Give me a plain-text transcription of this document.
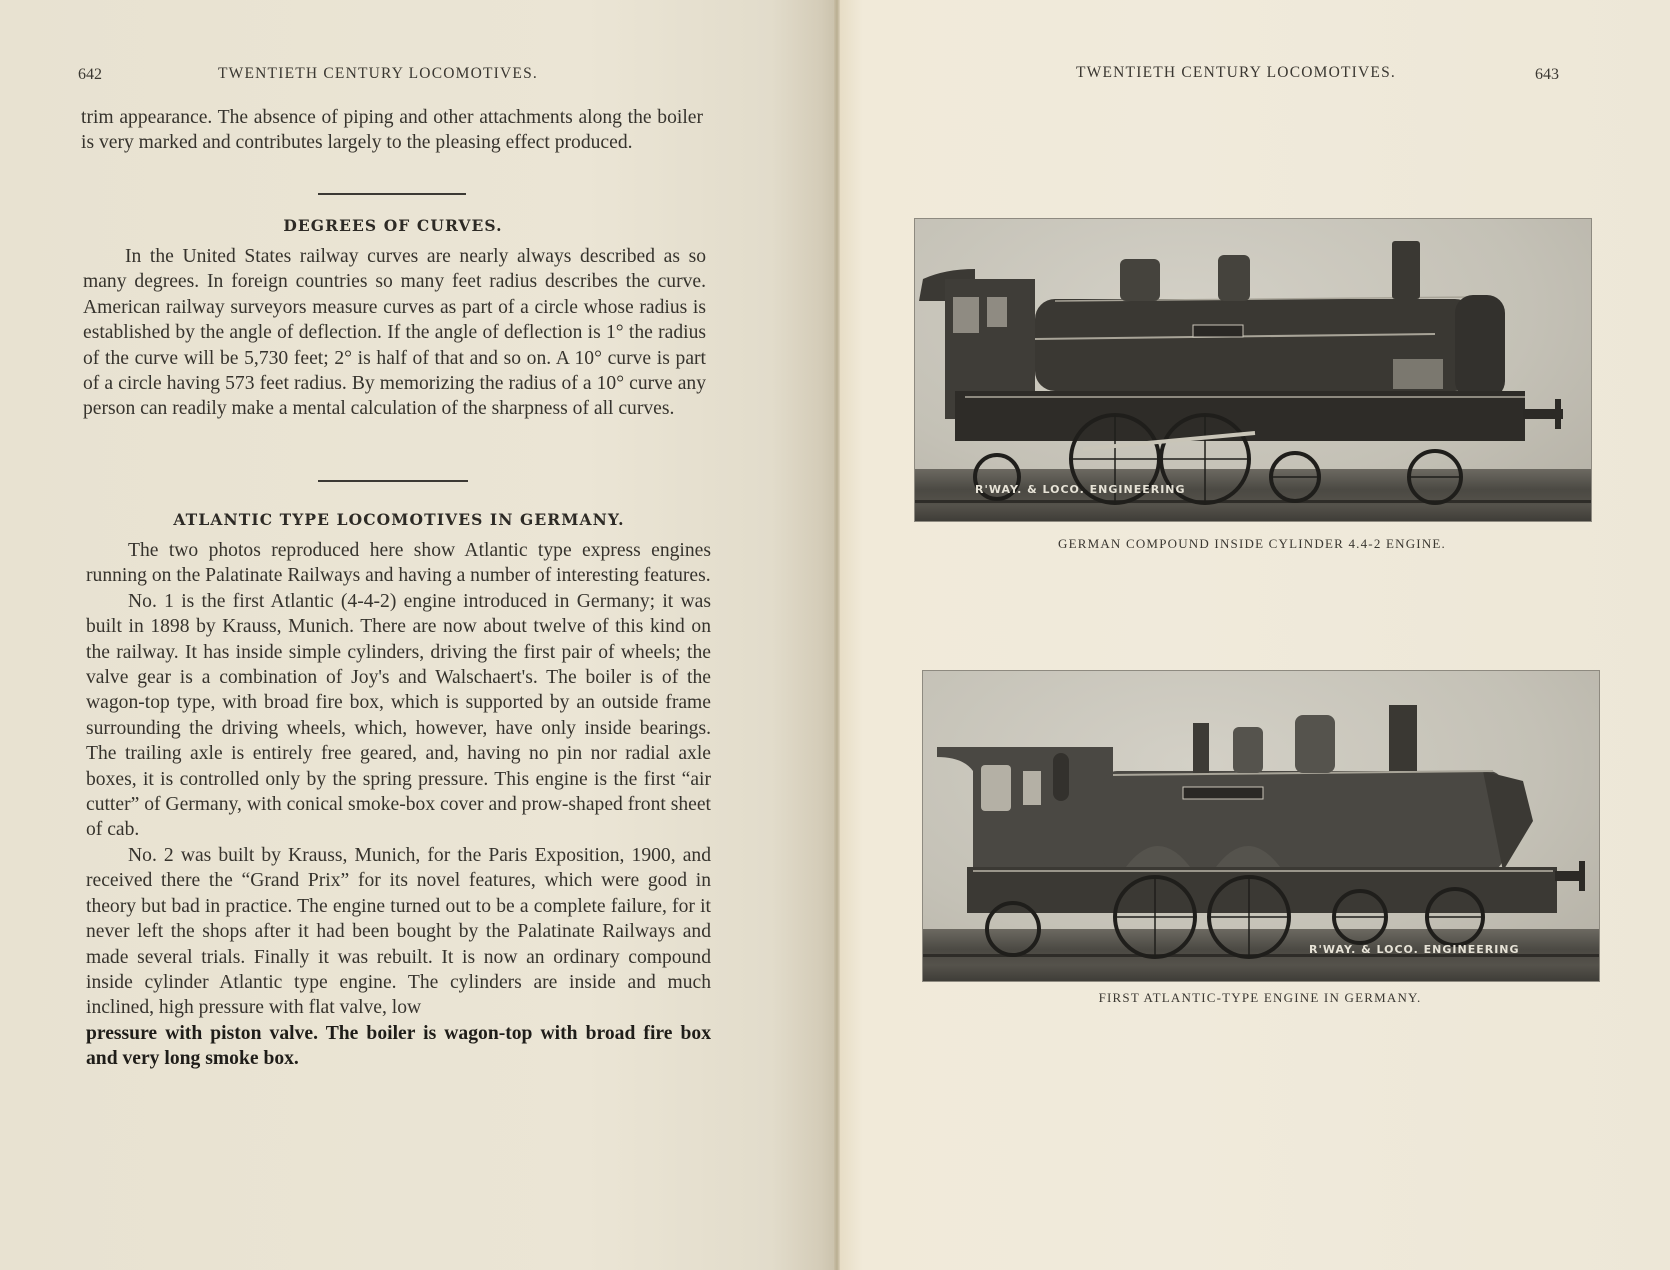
642	TWENTIETH CENTURY LOCOMOTIVES.

trim appearance. The absence of piping and other attachments along the boiler is very marked and contributes largely to the pleasing effect produced.

DEGREES OF CURVES.

In the United States railway curves are nearly always described as so many degrees. In foreign countries so many feet radius describes the curve. American railway surveyors measure curves as part of a circle whose radius is established by the angle of deflection. If the angle of deflection is 1° the radius of the curve will be 5,730 feet; 2° is half of that and so on. A 10° curve is part of a circle having 573 feet radius. By memorizing the radius of a 10° curve any person can readily make a mental calculation of the sharpness of all curves.

ATLANTIC TYPE LOCOMOTIVES IN GERMANY.

The two photos reproduced here show Atlantic type express engines running on the Palatinate Railways and having a number of interesting features.

No. 1 is the first Atlantic (4-4-2) engine introduced in Germany; it was built in 1898 by Krauss, Munich. There are now about twelve of this kind on the railway. It has inside simple cylinders, driving the first pair of wheels; the valve gear is a combination of Joy's and Walschaert's. The boiler is of the wagon-top type, with broad fire box, which is supported by an outside frame surrounding the driving wheels, which, however, have only inside bearings. The trailing axle is entirely free geared, and, having no pin nor radial axle boxes, it is controlled only by the spring pressure. This engine is the first “air cutter” of Germany, with conical smoke-box cover and prow-shaped front sheet of cab.

No. 2 was built by Krauss, Munich, for the Paris Exposition, 1900, and received there the “Grand Prix” for its novel features, which were good in theory but bad in practice. The engine turned out to be a complete failure, for it never left the shops after it had been bought by the Palatinate Railways and made several trials. Finally it was rebuilt. It is now an ordinary compound inside cylinder Atlantic type engine. The cylinders are inside and much inclined, high pressure with flat valve, low

pressure with piston valve. The boiler is wagon-top with broad fire box and very long smoke box.

TWENTIETH CENTURY LOCOMOTIVES.	643
R'WAY. & LOCO. ENGINEERING
GERMAN COMPOUND INSIDE CYLINDER 4.4-2 ENGINE.
R'WAY. & LOCO. ENGINEERING
FIRST ATLANTIC-TYPE ENGINE IN GERMANY.
